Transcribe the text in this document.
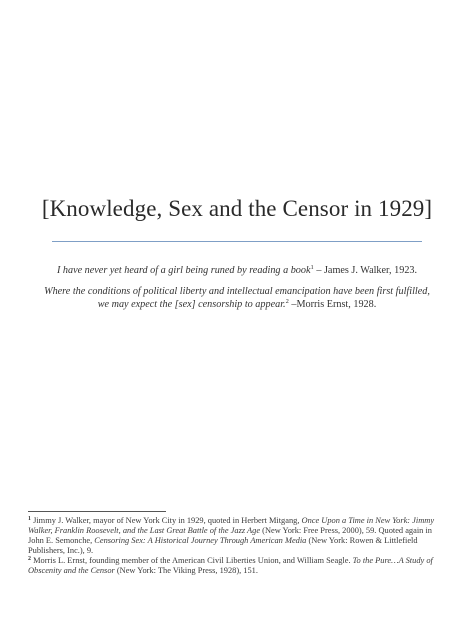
[Knowledge, Sex and the Censor in 1929]
I have never yet heard of a girl being runed by reading a book$^1$ – James J. Walker, 1923.
Where the conditions of political liberty and intellectual emancipation have been first fulfilled,
we may expect the [sex] censorship to appear.$^2$ –Morris Ernst, 1928.
$^1$ Jimmy J. Walker, mayor of New York City in 1929, quoted in Herbert Mitgang, Once Upon a Time in New York: Jimmy Walker, Franklin Roosevelt, and the Last Great Battle of the Jazz Age (New York: Free Press, 2000), 59. Quoted again in John E. Semonche, Censoring Sex: A Historical Journey Through American Media (New York: Rowen & Littlefield Publishers, Inc.), 9.
$^2$ Morris L. Ernst, founding member of the American Civil Liberties Union, and William Seagle. To the Pure…A Study of Obscenity and the Censor (New York: The Viking Press, 1928), 151.
